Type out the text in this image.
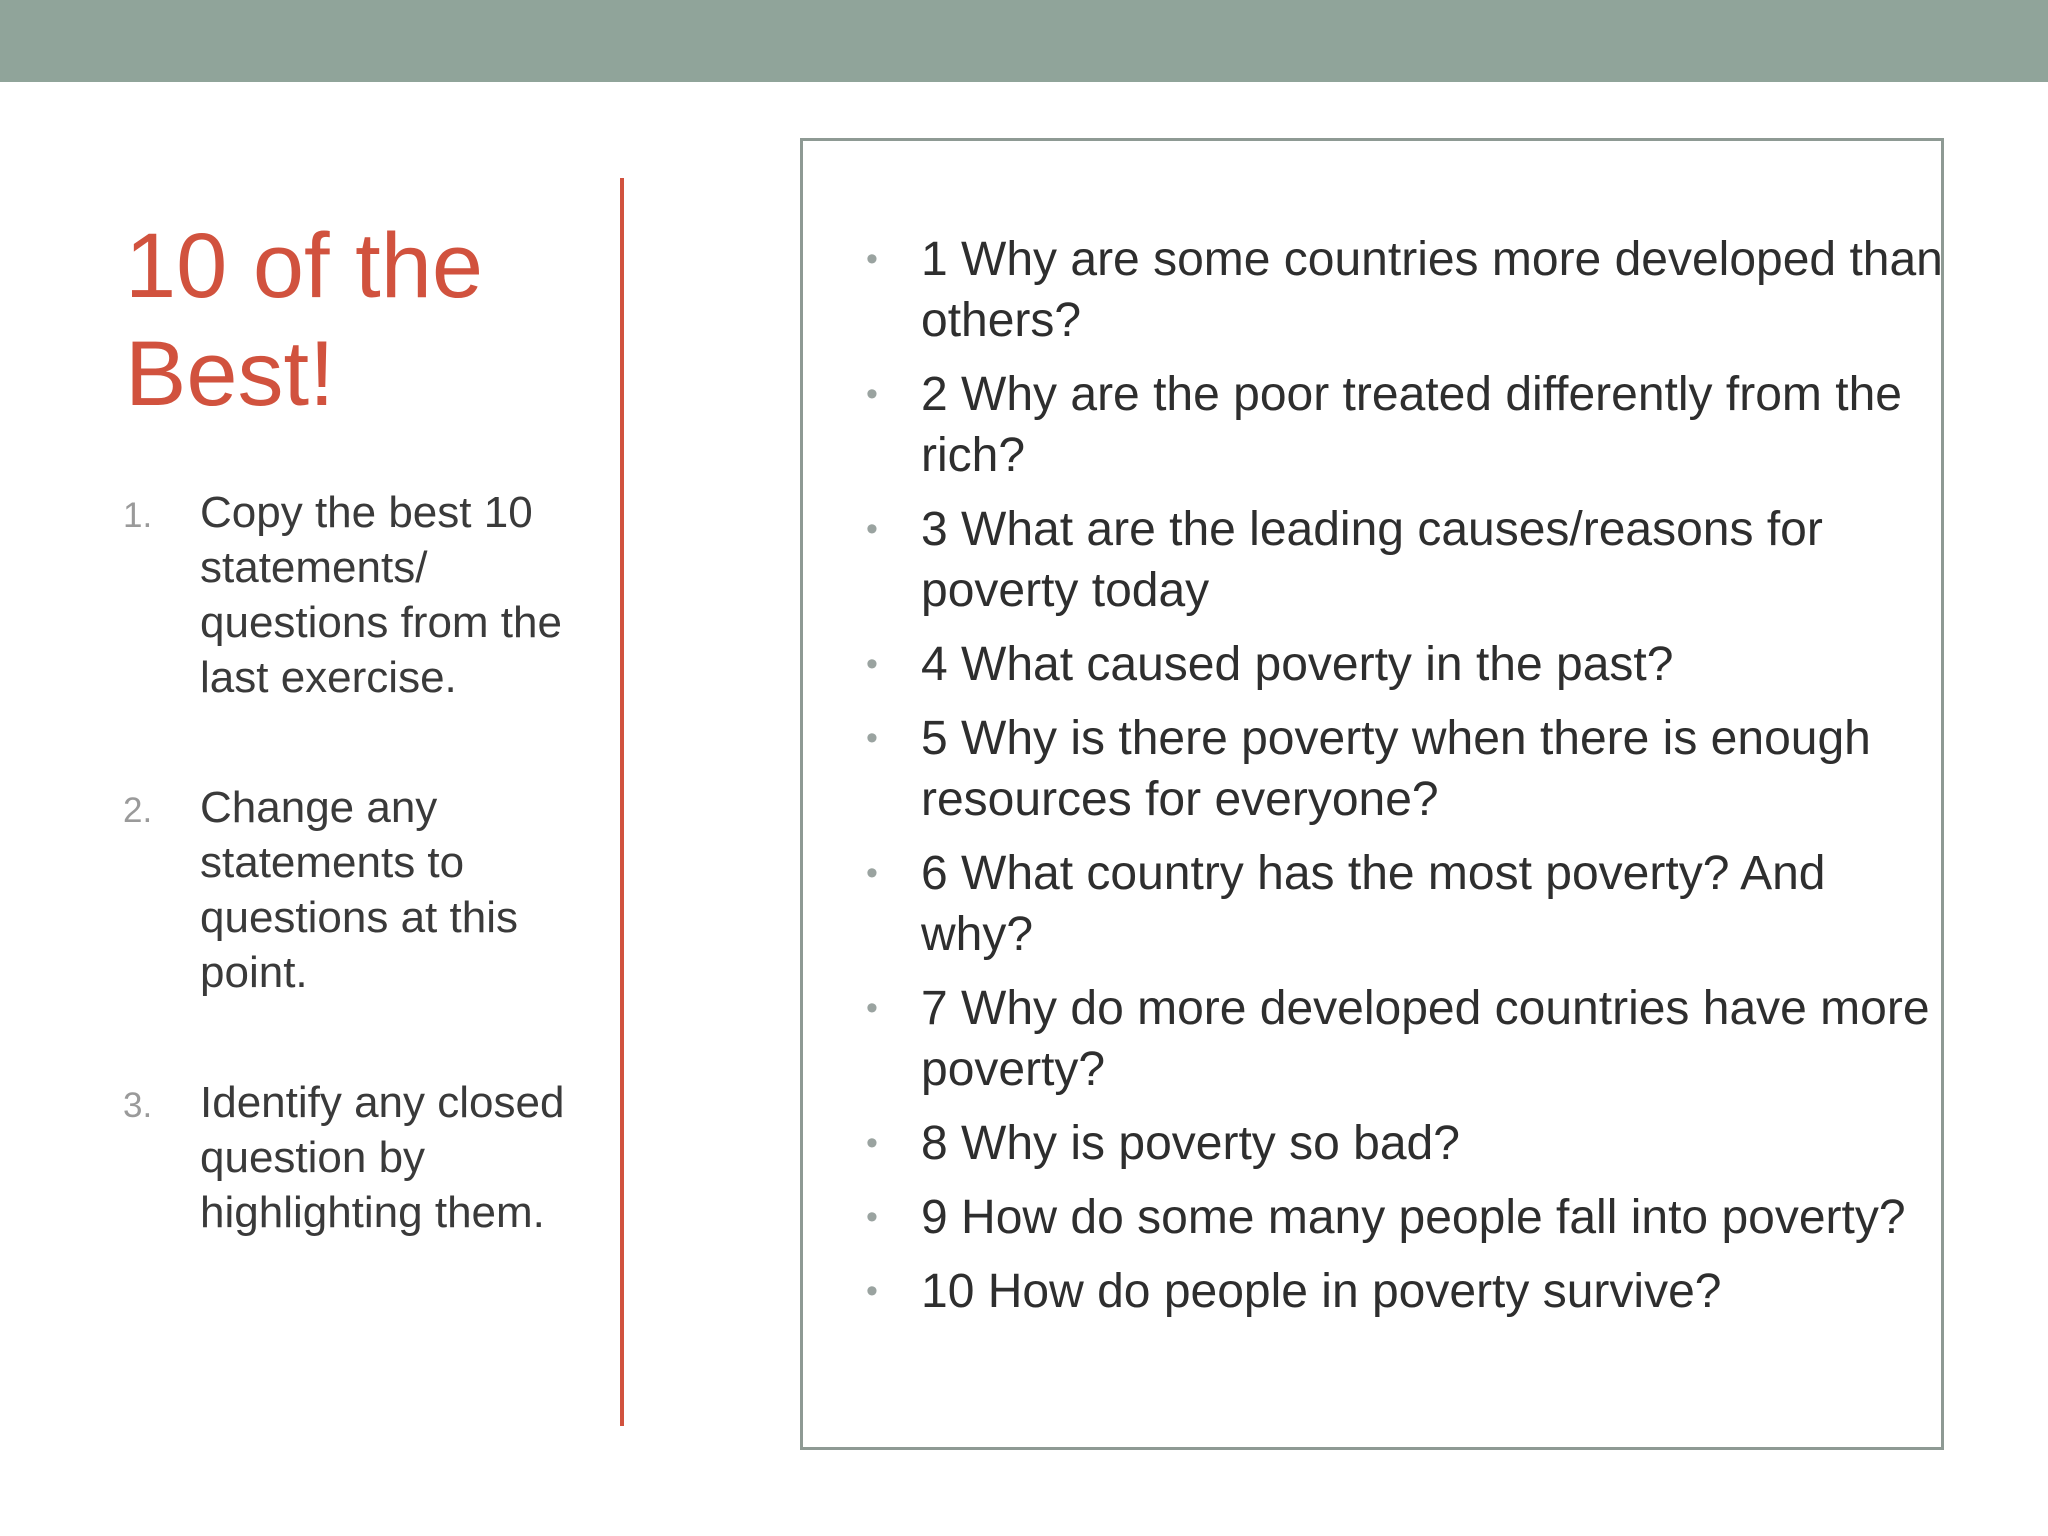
10 of the
Best!
1. Copy the best 10 statements/ questions from the last exercise.
2. Change any statements to questions at this point.
3. Identify any closed question by highlighting them.
• 1 Why are some countries more developed than others?
• 2 Why are the poor treated differently from the rich?
• 3 What are the leading causes/reasons for poverty today
• 4 What caused poverty in the past?
• 5 Why is there poverty when there is enough resources for everyone?
• 6 What country has the most poverty? And why?
• 7 Why do more developed countries have more poverty?
• 8 Why is poverty so bad?
• 9 How do some many people fall into poverty?
• 10 How do people in poverty survive?
